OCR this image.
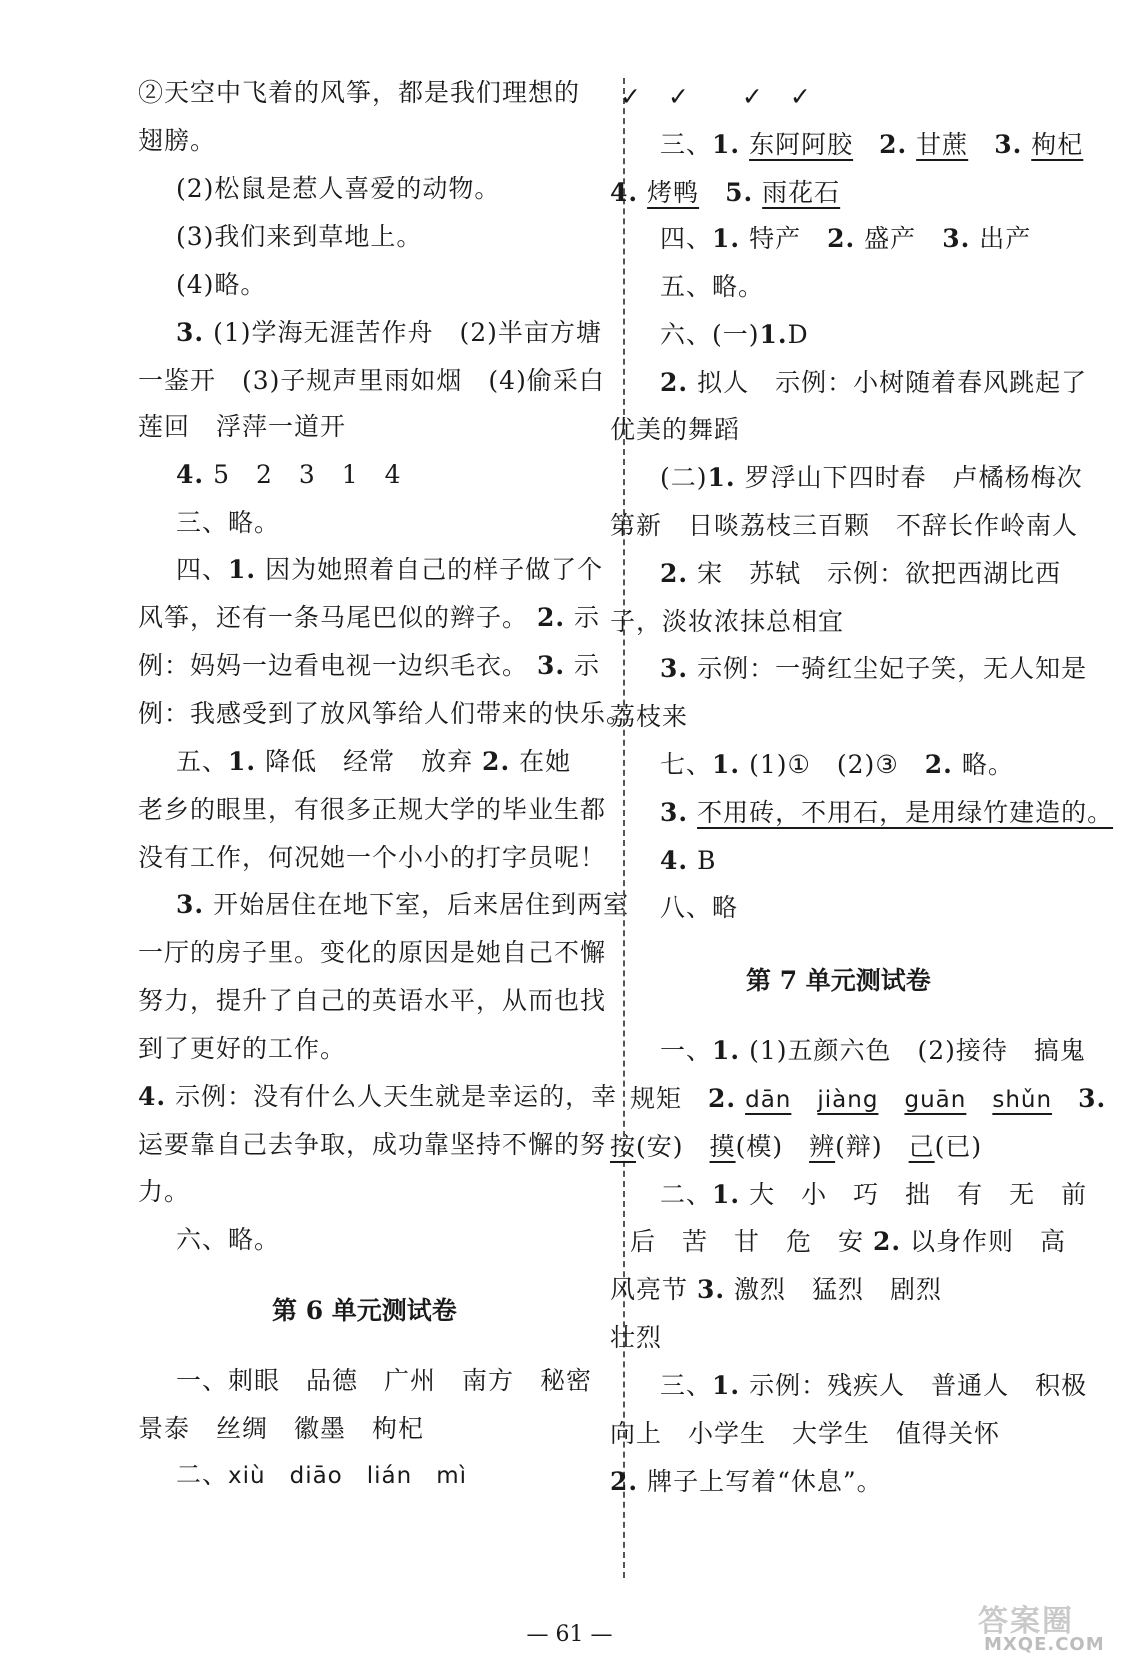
②天空中飞着的风筝，都是我们理想的
翅膀。
(2)松鼠是惹人喜爱的动物。
(3)我们来到草地上。
(4)略。
3. (1)学海无涯苦作舟　(2)半亩方塘
一鉴开　(3)子规声里雨如烟　(4)偷采白
莲回　浮萍一道开
4. 5　2　3　1　4
三、略。
四、1. 因为她照着自己的样子做了个
风筝，还有一条马尾巴似的辫子。 2. 示
例：妈妈一边看电视一边织毛衣。 3. 示
例：我感受到了放风筝给人们带来的快乐。
五、1. 降低　经常　放弃 2. 在她
老乡的眼里，有很多正规大学的毕业生都
没有工作，何况她一个小小的打字员呢！
3. 开始居住在地下室，后来居住到两室
一厅的房子里。变化的原因是她自己不懈
努力，提升了自己的英语水平，从而也找
到了更好的工作。
4. 示例：没有什么人天生就是幸运的，幸
运要靠自己去争取，成功靠坚持不懈的努
力。
六、略。
第 6 单元测试卷
一、刺眼　品德　广州　南方　秘密
景泰　丝绸　徽墨　枸杞
二、xiù　diāo　lián　mì
✓　✓　　✓　✓
三、1. 东阿阿胶　 2. 甘蔗　 3. 枸杞
4. 烤鸭　 5. 雨花石
四、1. 特产　 2. 盛产　 3. 出产
五、略。
六、(一)1.D
2. 拟人　示例：小树随着春风跳起了
优美的舞蹈
(二)1. 罗浮山下四时春　卢橘杨梅次
第新　日啖荔枝三百颗　不辞长作岭南人
2. 宋　苏轼　示例：欲把西湖比西
子，淡妆浓抹总相宜
3. 示例：一骑红尘妃子笑，无人知是
荔枝来
七、1. (1)①　(2)③　 2. 略。
3. 不用砖，不用石，是用绿竹建造的。
4. B
八、略
第 7 单元测试卷
一、1. (1)五颜六色　(2)接待　搞鬼
规矩　 2. dān　 jiàng　 guān　 shǔn　 3.
按(安)　 摸(模)　 辨(辩)　 己(已)
二、1. 大　小　巧　拙　有　无　前
后　苦　甘　危　安 2. 以身作则　高
风亮节 3. 激烈　猛烈　剧烈
壮烈
三、1. 示例：残疾人　普通人　积极
向上　小学生　大学生　值得关怀
2. 牌子上写着“休息”。
— 61 —	答案圈
MXQE.COM
